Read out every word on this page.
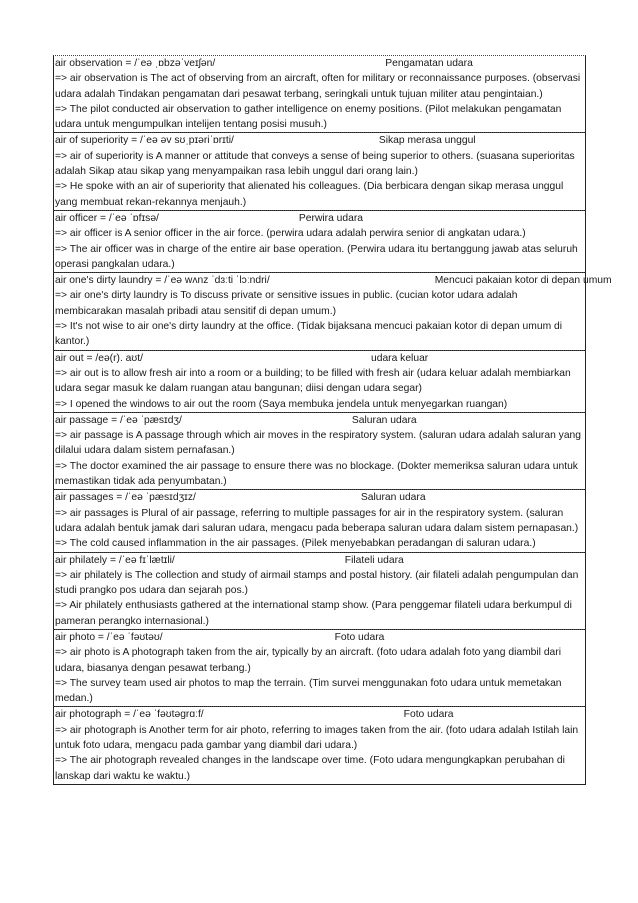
air observation = /ˈeə ˌɒbzəˈveɪʃən/	Pengamatan udara
=> air observation is The act of observing from an aircraft, often for military or reconnaissance purposes. (observasi udara adalah Tindakan pengamatan dari pesawat terbang, seringkali untuk tujuan militer atau pengintaian.)
=> The pilot conducted air observation to gather intelligence on enemy positions. (Pilot melakukan pengamatan udara untuk mengumpulkan intelijen tentang posisi musuh.)
air of superiority = /ˈeə əv sʊˌpɪəriˈɒrɪti/	Sikap merasa unggul
=> air of superiority is A manner or attitude that conveys a sense of being superior to others. (suasana superioritas adalah Sikap atau sikap yang menyampaikan rasa lebih unggul dari orang lain.)
=> He spoke with an air of superiority that alienated his colleagues. (Dia berbicara dengan sikap merasa unggul yang membuat rekan-rekannya menjauh.)
air officer = /ˈeə ˈɒfɪsə/	Perwira udara
=> air officer is A senior officer in the air force. (perwira udara adalah perwira senior di angkatan udara.)
=> The air officer was in charge of the entire air base operation. (Perwira udara itu bertanggung jawab atas seluruh operasi pangkalan udara.)
air one's dirty laundry = /ˈeə wʌnz ˈdɜːti ˈlɔːndri/	Mencuci pakaian kotor di depan umum
=> air one's dirty laundry is To discuss private or sensitive issues in public. (cucian kotor udara adalah membicarakan masalah pribadi atau sensitif di depan umum.)
=> It's not wise to air one's dirty laundry at the office. (Tidak bijaksana mencuci pakaian kotor di depan umum di kantor.)
air out = /eə(r). aʊt/	udara keluar
=> air out is to allow fresh air into a room or a building; to be filled with fresh air (udara keluar adalah membiarkan udara segar masuk ke dalam ruangan atau bangunan; diisi dengan udara segar)
=> I opened the windows to air out the room (Saya membuka jendela untuk menyegarkan ruangan)
air passage = /ˈeə ˈpæsɪdʒ/	Saluran udara
=> air passage is A passage through which air moves in the respiratory system. (saluran udara adalah saluran yang dilalui udara dalam sistem pernafasan.)
=> The doctor examined the air passage to ensure there was no blockage. (Dokter memeriksa saluran udara untuk memastikan tidak ada penyumbatan.)
air passages = /ˈeə ˈpæsɪdʒɪz/	Saluran udara
=> air passages is Plural of air passage, referring to multiple passages for air in the respiratory system. (saluran udara adalah bentuk jamak dari saluran udara, mengacu pada beberapa saluran udara dalam sistem pernapasan.)
=> The cold caused inflammation in the air passages. (Pilek menyebabkan peradangan di saluran udara.)
air philately = /ˈeə fɪˈlætɪli/	Filateli udara
=> air philately is The collection and study of airmail stamps and postal history. (air filateli adalah pengumpulan dan studi prangko pos udara dan sejarah pos.)
=> Air philately enthusiasts gathered at the international stamp show. (Para penggemar filateli udara berkumpul di pameran perangko internasional.)
air photo = /ˈeə ˈfəʊtəʊ/	Foto udara
=> air photo is A photograph taken from the air, typically by an aircraft. (foto udara adalah foto yang diambil dari udara, biasanya dengan pesawat terbang.)
=> The survey team used air photos to map the terrain. (Tim survei menggunakan foto udara untuk memetakan medan.)
air photograph = /ˈeə ˈfəʊtəɡrɑːf/	Foto udara
=> air photograph is Another term for air photo, referring to images taken from the air. (foto udara adalah Istilah lain untuk foto udara, mengacu pada gambar yang diambil dari udara.)
=> The air photograph revealed changes in the landscape over time. (Foto udara mengungkapkan perubahan di lanskap dari waktu ke waktu.)
